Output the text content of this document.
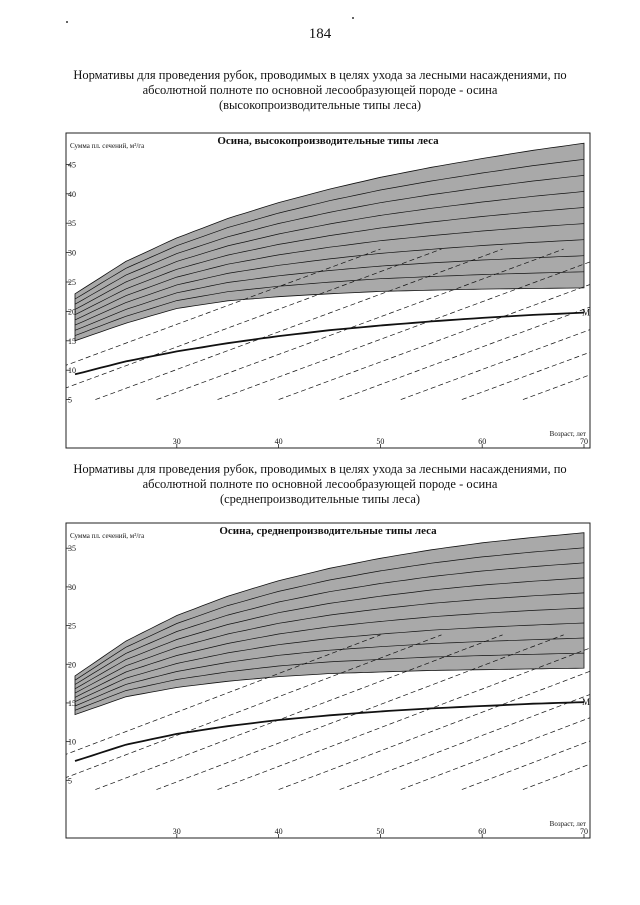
184
Нормативы для проведения рубок, проводимых в целях ухода за лесными насаждениями, по
абсолютной полноте по основной лесообразующей породе - осина
(высокопроизводительные типы леса)
М
5
10
15
20
25
30
35
40
45
30	40	50	60	70
Осина, высокопроизводительные типы леса
Сумма пл. сечений, м²/га
Возраст, лет
Нормативы для проведения рубок, проводимых в целях ухода за лесными насаждениями, по
абсолютной полноте по основной лесообразующей породе - осина
(среднепроизводительные типы леса)
М
5
10
15
20
25
30
35
30	40	50	60	70
Осина, среднепроизводительные типы леса
Сумма пл. сечений, м²/га
Возраст, лет
